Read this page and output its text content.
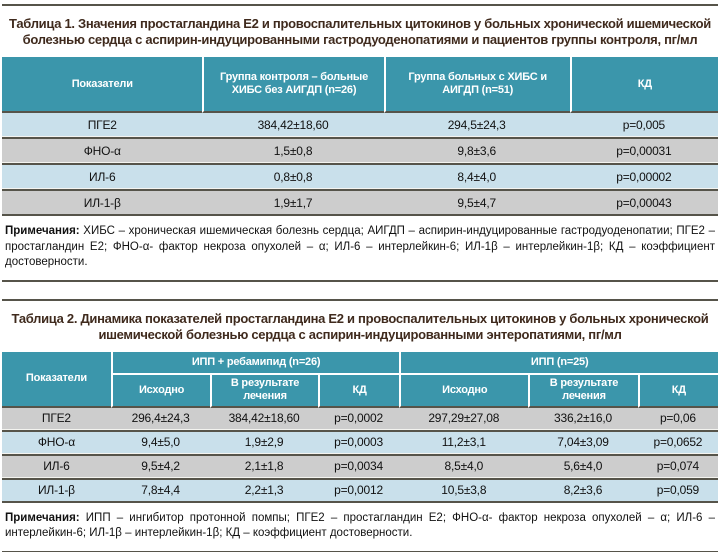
Таблица 1. Значения простагландина Е2 и провоспалительных цитокинов у больных хронической ишемической болезнью сердца с аспирин-индуцированными гастродуоденопатиями и пациентов группы контроля, пг/мл
Показатели	Группа контроля – больные ХИБС без АИГДП (n=26)	Группа больных с ХИБС и АИГДП (n=51)	КД
ПГЕ2	384,42±18,60	294,5±24,3	p=0,005
ФНО-α	1,5±0,8	9,8±3,6	p=0,00031
ИЛ-6	0,8±0,8	8,4±4,0	p=0,00002
ИЛ-1-β	1,9±1,7	9,5±4,7	p=0,00043

Примечания: ХИБС – хроническая ишемическая болезнь сердца; АИГДП – аспирин-индуцированные гастродуоденопатии; ПГЕ2 – простагландин Е2; ФНО-α- фактор некроза опухолей – α; ИЛ-6 – интерлейкин-6; ИЛ-1β – интерлейкин-1β; КД – коэффициент достоверности.

Таблица 2. Динамика показателей простагландина Е2 и провоспалительных цитокинов у больных хронической ишемической болезнью сердца с аспирин-индуцированными энтеропатиями, пг/мл
Показатели	ИПП + ребамипид (n=26)			ИПП (n=25)		
	Исходно	В результате лечения	КД	Исходно	В результате лечения	КД
ПГЕ2	296,4±24,3	384,42±18,60	p=0,0002	297,29±27,08	336,2±16,0	p=0,06
ФНО-α	9,4±5,0	1,9±2,9	p=0,0003	11,2±3,1	7,04±3,09	p=0,0652
ИЛ-6	9,5±4,2	2,1±1,8	p=0,0034	8,5±4,0	5,6±4,0	p=0,074
ИЛ-1-β	7,8±4,4	2,2±1,3	p=0,0012	10,5±3,8	8,2±3,6	p=0,059

Примечания: ИПП – ингибитор протонной помпы; ПГЕ2 – простагландин Е2; ФНО-α- фактор некроза опухолей – α; ИЛ-6 – интерлейкин-6; ИЛ-1β – интерлейкин-1β; КД – коэффициент достоверности.
